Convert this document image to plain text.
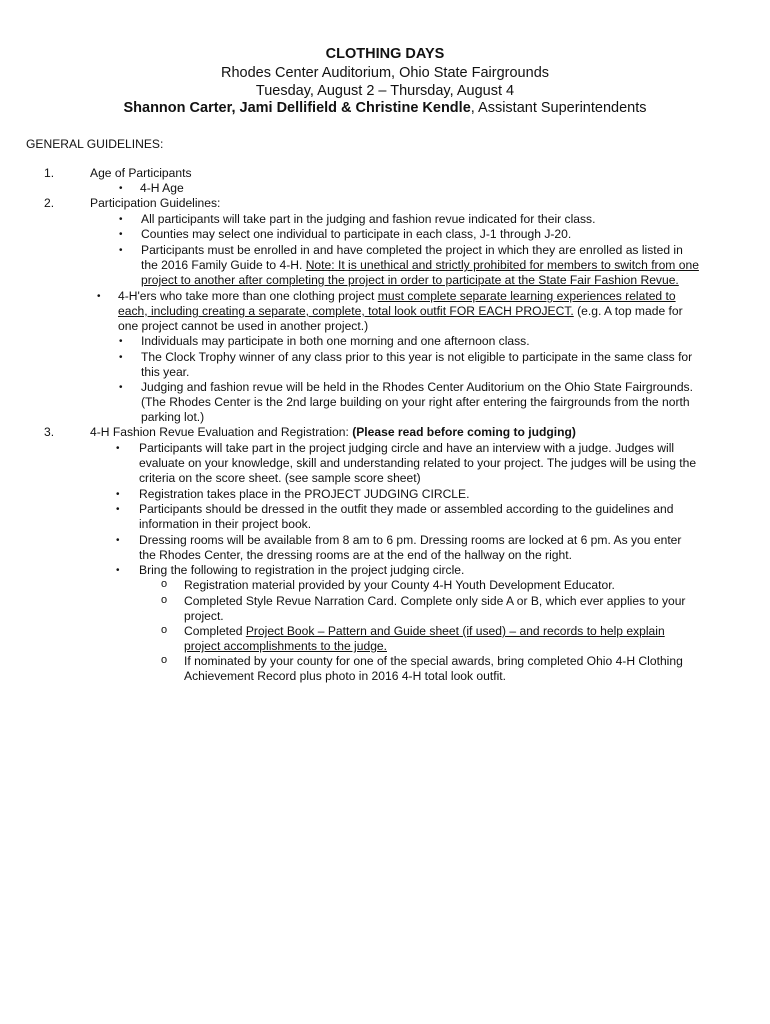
CLOTHING DAYS
Rhodes Center Auditorium, Ohio State Fairgrounds
Tuesday, August 2 – Thursday, August 4
Shannon Carter, Jami Dellifield & Christine Kendle, Assistant Superintendents
GENERAL GUIDELINES:
1.	Age of Participants
• 4-H Age
2.	Participation Guidelines:
• All participants will take part in the judging and fashion revue indicated for their class.
• Counties may select one individual to participate in each class, J-1 through J-20.
• Participants must be enrolled in and have completed the project in which they are enrolled as listed in
the 2016 Family Guide to 4-H. Note: It is unethical and strictly prohibited for members to switch from one
project to another after completing the project in order to participate at the State Fair Fashion Revue.
• 4-H'ers who take more than one clothing project must complete separate learning experiences related to
each, including creating a separate, complete, total look outfit FOR EACH PROJECT. (e.g. A top made for
one project cannot be used in another project.)
• Individuals may participate in both one morning and one afternoon class.
• The Clock Trophy winner of any class prior to this year is not eligible to participate in the same class for
this year.
• Judging and fashion revue will be held in the Rhodes Center Auditorium on the Ohio State Fairgrounds.
(The Rhodes Center is the 2nd large building on your right after entering the fairgrounds from the north
parking lot.)
3.	4-H Fashion Revue Evaluation and Registration: (Please read before coming to judging)
• Participants will take part in the project judging circle and have an interview with a judge. Judges will
evaluate on your knowledge, skill and understanding related to your project. The judges will be using the
criteria on the score sheet. (see sample score sheet)
• Registration takes place in the PROJECT JUDGING CIRCLE.
• Participants should be dressed in the outfit they made or assembled according to the guidelines and
information in their project book.
• Dressing rooms will be available from 8 am to 6 pm. Dressing rooms are locked at 6 pm. As you enter
the Rhodes Center, the dressing rooms are at the end of the hallway on the right.
• Bring the following to registration in the project judging circle.
o Registration material provided by your County 4-H Youth Development Educator.
o Completed Style Revue Narration Card. Complete only side A or B, which ever applies to your
project.
o Completed Project Book – Pattern and Guide sheet (if used) – and records to help explain
project accomplishments to the judge.
o If nominated by your county for one of the special awards, bring completed Ohio 4-H Clothing
Achievement Record plus photo in 2016 4-H total look outfit.
